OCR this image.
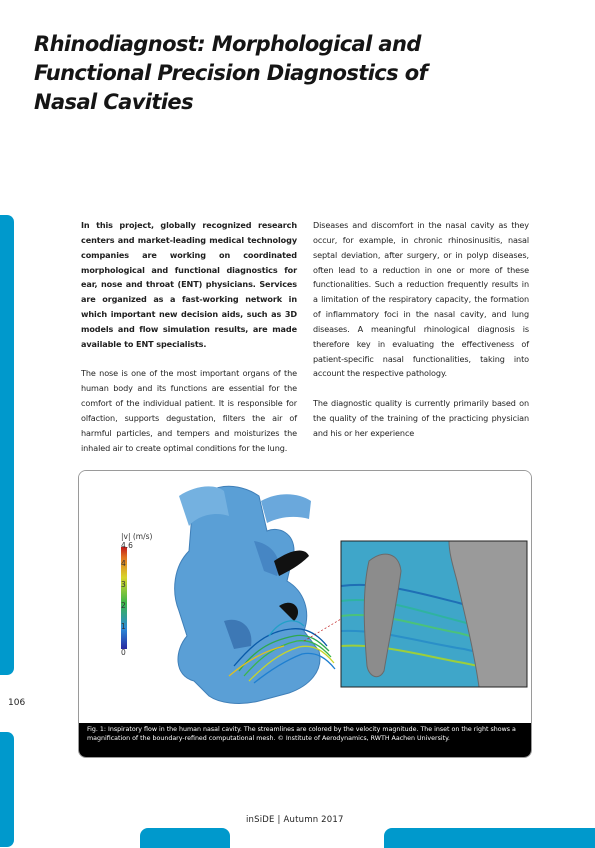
Rhinodiagnost: Morphological and
Functional Precision Diagnostics of
Nasal Cavities

In this project, globally recognized research centers and market-leading medical technology companies are working on coordinated morphological and functional diagnostics for ear, nose and throat (ENT) physicians. Services are organized as a fast-working network in which important new decision aids, such as 3D models and flow simulation results, are made available to ENT specialists.

The nose is one of the most important organs of the human body and its functions are essential for the comfort of the individual patient. It is responsible for olfaction, supports degustation, filters the air of harmful particles, and tempers and moisturizes the inhaled air to create optimal conditions for the lung.

Diseases and discomfort in the nasal cavity as they occur, for example, in chronic rhinosinusitis, nasal septal deviation, after surgery, or in polyp diseases, often lead to a reduction in one or more of these functionalities. Such a reduction frequently results in a limitation of the respiratory capacity, the formation of inflammatory foci in the nasal cavity, and lung diseases. A meaningful rhinological diagnosis is therefore key in evaluating the effectiveness of patient-specific nasal functionalities, taking into account the respective pathology.

The diagnostic quality is currently primarily based on the quality of the training of the practicing physician and his or her experience

|v| (m/s)
4.6
4
3
2
1
0
Fig. 1: Inspiratory flow in the human nasal cavity. The streamlines are colored by the velocity magnitude. The inset on the right shows a magnification of the boundary-refined computational mesh. © Institute of Aerodynamics, RWTH Aachen University.
106
inSiDE | Autumn 2017
